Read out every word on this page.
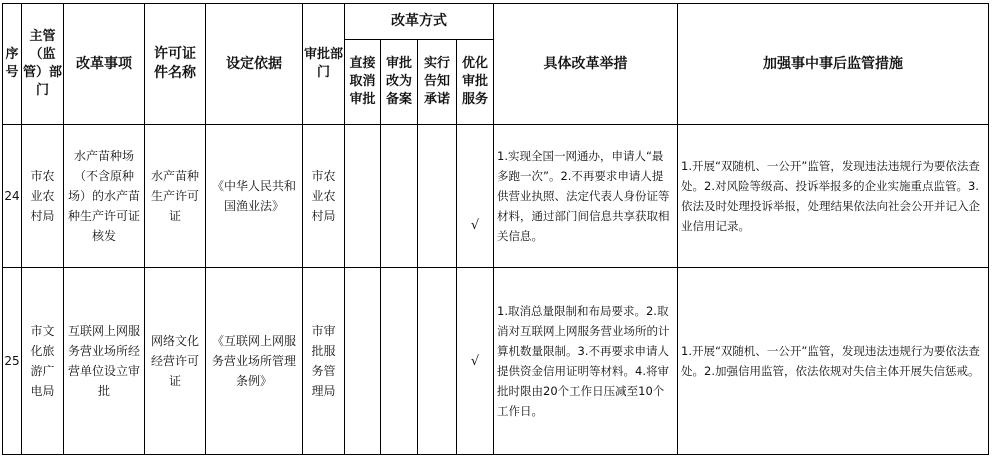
序号	主管（监管）部门	改革事项	许可证件名称	设定依据	审批部门	改革方式				具体改革举措	加强事中事后监管措施
						直接取消审批	审批改为备案	实行告知承诺	优化审批服务		
24	市农业农村局	水产苗种场（不含原种场）的水产苗种生产许可证核发	水产苗种生产许可证	《中华人民共和国渔业法》	市农业农村局				√	1.实现全国一网通办，申请人“最多跑一次”。2.不再要求申请人提供营业执照、法定代表人身份证等材料，通过部门间信息共享获取相关信息。	1.开展“双随机、一公开”监管，发现违法违规行为要依法查处。2.对风险等级高、投诉举报多的企业实施重点监管。3.依法及时处理投诉举报，处理结果依法向社会公开并记入企业信用记录。
25	市文化旅游广电局	互联网上网服务营业场所经营单位设立审批	网络文化经营许可证	《互联网上网服务营业场所管理条例》	市审批服务管理局				√	1.取消总量限制和布局要求。2.取消对互联网上网服务营业场所的计算机数量限制。3.不再要求申请人提供资金信用证明等材料。4.将审批时限由20个工作日压减至10个工作日。	1.开展“双随机、一公开”监管，发现违法违规行为要依法查处。2.加强信用监管，依法依规对失信主体开展失信惩戒。
